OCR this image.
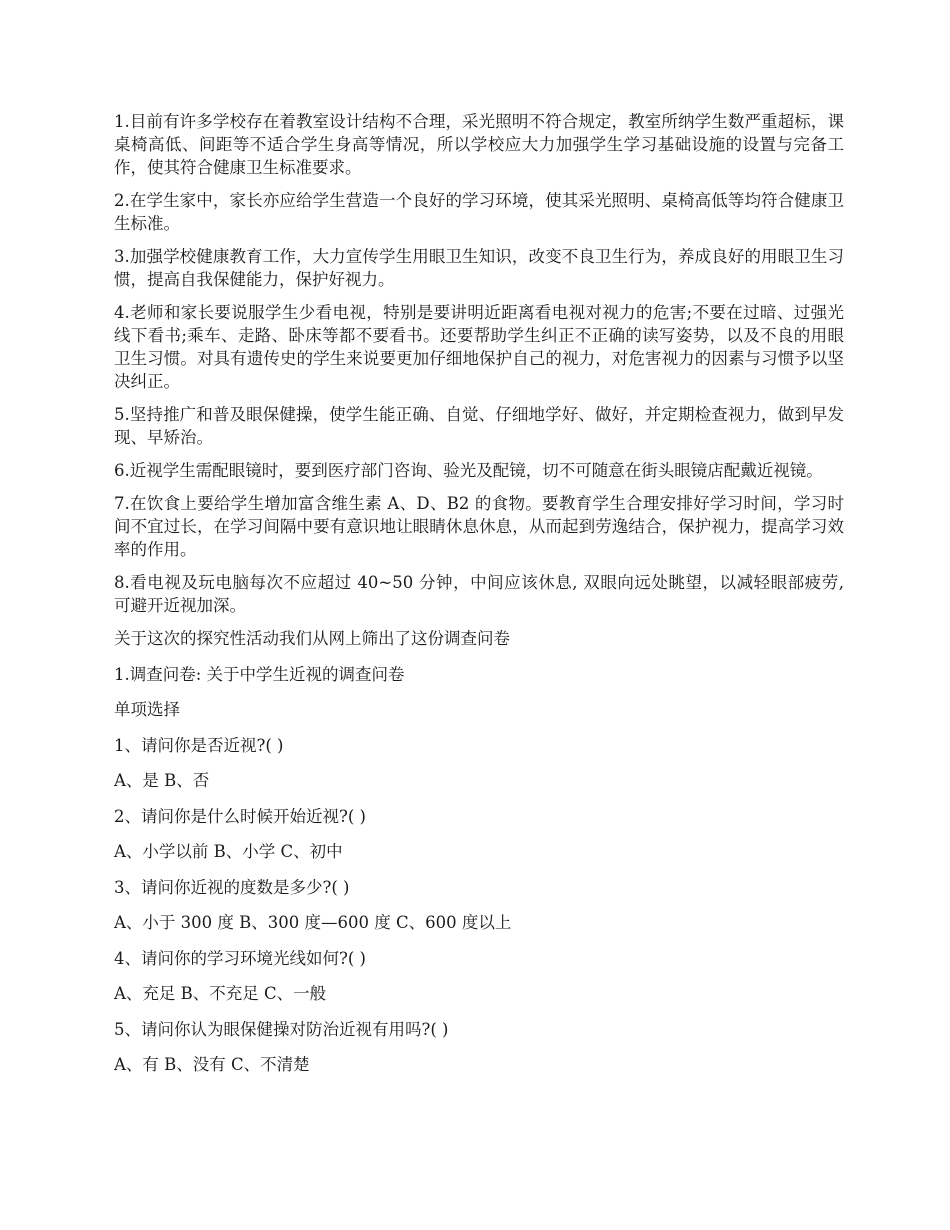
1.目前有许多学校存在着教室设计结构不合理，采光照明不符合规定，教室所纳学生数严重超标，课桌椅高低、间距等不适合学生身高等情况，所以学校应大力加强学生学习基础设施的设置与完备工作，使其符合健康卫生标准要求。

2.在学生家中，家长亦应给学生营造一个良好的学习环境，使其采光照明、桌椅高低等均符合健康卫生标准。

3.加强学校健康教育工作，大力宣传学生用眼卫生知识，改变不良卫生行为，养成良好的用眼卫生习惯，提高自我保健能力，保护好视力。

4.老师和家长要说服学生少看电视，特别是要讲明近距离看电视对视力的危害;不要在过暗、过强光线下看书;乘车、走路、卧床等都不要看书。还要帮助学生纠正不正确的读写姿势，以及不良的用眼卫生习惯。对具有遗传史的学生来说要更加仔细地保护自己的视力，对危害视力的因素与习惯予以坚决纠正。

5.坚持推广和普及眼保健操，使学生能正确、自觉、仔细地学好、做好，并定期检查视力，做到早发现、早矫治。

6.近视学生需配眼镜时，要到医疗部门咨询、验光及配镜，切不可随意在街头眼镜店配戴近视镜。

7.在饮食上要给学生增加富含维生素 A、D、B2 的食物。要教育学生合理安排好学习时间，学习时间不宜过长，在学习间隔中要有意识地让眼睛休息休息，从而起到劳逸结合，保护视力，提高学习效率的作用。

8.看电视及玩电脑每次不应超过 40~50 分钟，中间应该休息, 双眼向远处眺望，以减轻眼部疲劳, 可避开近视加深。

关于这次的探究性活动我们从网上筛出了这份调查问卷

1.调查问卷: 关于中学生近视的调查问卷

单项选择

1、请问你是否近视?( )

A、是 B、否

2、请问你是什么时候开始近视?( )

A、小学以前 B、小学 C、初中

3、请问你近视的度数是多少?( )

A、小于 300 度 B、300 度—600 度 C、600 度以上

4、请问你的学习环境光线如何?( )

A、充足 B、不充足 C、一般

5、请问你认为眼保健操对防治近视有用吗?( )

A、有 B、没有 C、不清楚
